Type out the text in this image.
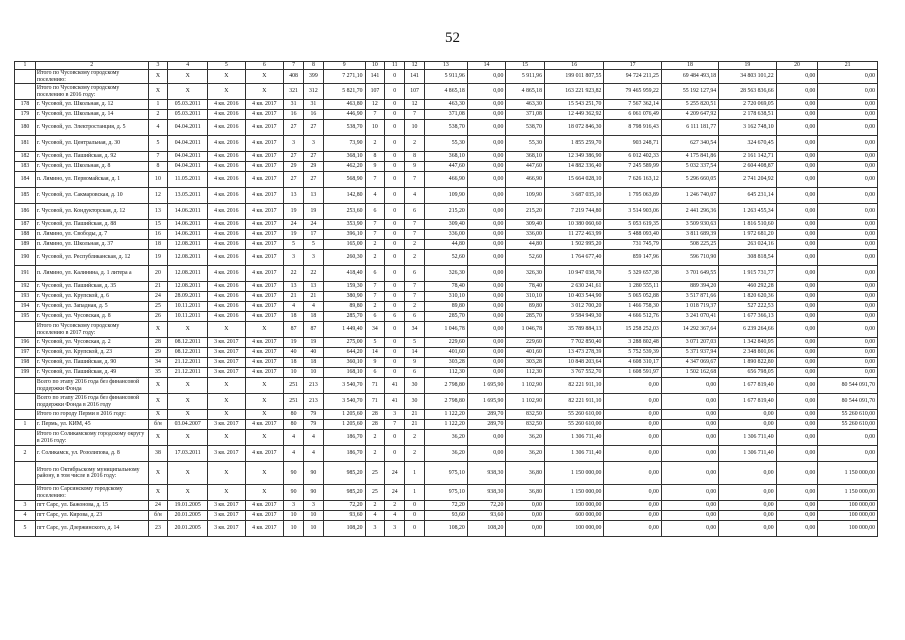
52
1	2	3	4	5	6	7	8	9	10	11	12	13	14	15	16	17	18	19	20	21
	Итого по Чусовскому городскому поселению:	X	X	X	X	408	399	7 271,10	141	0	141	5 911,96	0,00	5 911,96	199 011 807,55	94 724 211,25	69 484 493,18	34 803 101,22	0,00	0,00
	Итого по Чусовскому городскому поселению в 2016 году:	X	X	X	X	321	312	5 821,70	107	0	107	4 865,18	0,00	4 865,18	163 221 923,82	79 465 959,22	55 192 127,94	28 563 836,66	0,00	0,00
178	г. Чусовой, ул. Школьная, д. 12	1	05.03.2011	4 кв. 2016	4 кв. 2017	31	31	463,80	12	0	12	463,30	0,00	463,30	15 543 251,70	7 567 362,14	5 255 820,51	2 720 069,05	0,00	0,00
179	г. Чусовой, ул. Школьная, д. 14	2	05.03.2011	4 кв. 2016	4 кв. 2017	16	16	446,90	7	0	7	371,08	0,00	371,08	12 449 362,92	6 061 076,49	4 209 647,92	2 178 638,51	0,00	0,00
180	г. Чусовой, ул. Электростанция, д. 5	4	04.04.2011	4 кв. 2016	4 кв. 2017	27	27	538,70	10	0	10	538,70	0,00	538,70	18 072 846,30	8 798 916,43	6 111 181,77	3 162 748,10	0,00	0,00
181	г. Чусовой, ул. Центральная, д. 30	5	04.04.2011	4 кв. 2016	4 кв. 2017	3	3	73,90	2	0	2	55,30	0,00	55,30	1 855 259,70	903 248,71	627 340,54	324 670,45	0,00	0,00
182	г. Чусовой, ул. Пашийская, д. 92	7	04.04.2011	4 кв. 2016	4 кв. 2017	27	27	368,10	8	0	8	368,10	0,00	368,10	12 349 386,90	6 012 402,33	4 175 841,86	2 161 142,71	0,00	0,00
183	г. Чусовой, ул. Школьная, д. 8	8	04.04.2011	4 кв. 2016	4 кв. 2017	29	29	462,20	9	0	9	447,60	0,00	447,60	14 882 336,40	7 245 589,99	5 032 337,54	2 604 408,87	0,00	0,00
184	п. Лямино, ул. Первомайская, д. 1	10	11.05.2011	4 кв. 2016	4 кв. 2017	27	27	568,90	7	0	7	466,90	0,00	466,90	15 664 028,10	7 626 163,12	5 296 660,05	2 741 204,92	0,00	0,00
185	г. Чусовой, ул. Сакмаровская, д. 10	12	13.05.2011	4 кв. 2016	4 кв. 2017	13	13	142,80	4	0	4	109,90	0,00	109,90	3 687 035,10	1 795 063,89	1 246 740,07	645 231,14	0,00	0,00
186	г. Чусовой, ул. Кондукторская, д. 12	13	14.06.2011	4 кв. 2016	4 кв. 2017	19	19	253,60	6	0	6	215,20	0,00	215,20	7 219 744,80	3 514 903,06	2 441 296,36	1 263 455,34	0,00	0,00
187	г. Чусовой, ул. Пашийская, д. 88	15	14.06.2011	4 кв. 2016	4 кв. 2017	24	24	353,90	7	0	7	309,40	0,00	309,40	10 380 060,60	5 053 619,35	3 509 930,63	1 816 510,60	0,00	0,00
188	п. Лямино, ул. Свободы, д. 7	16	14.06.2011	4 кв. 2016	4 кв. 2017	19	17	396,10	7	0	7	336,00	0,00	336,00	11 272 463,99	5 488 093,40	3 811 689,39	1 972 681,20	0,00	0,00
189	п. Лямино, ул. Школьная, д. 37	18	12.08.2011	4 кв. 2016	4 кв. 2017	5	5	165,00	2	0	2	44,80	0,00	44,80	1 502 995,20	731 745,79	508 225,25	263 024,16	0,00	0,00
190	г. Чусовой, ул. Республиканская, д. 12	19	12.08.2011	4 кв. 2016	4 кв. 2017	3	3	260,30	2	0	2	52,60	0,00	52,60	1 764 677,40	859 147,96	596 710,90	308 818,54	0,00	0,00
191	п. Лямино, ул. Калинина, д. 1 литера а	20	12.08.2011	4 кв. 2016	4 кв. 2017	22	22	418,40	6	0	6	326,30	0,00	326,30	10 947 038,70	5 329 657,38	3 701 649,55	1 915 731,77	0,00	0,00
192	г. Чусовой, ул. Пашийская, д. 35	21	12.08.2011	4 кв. 2016	4 кв. 2017	13	13	159,30	7	0	7	78,40	0,00	78,40	2 630 241,61	1 280 555,11	889 394,20	460 292,28	0,00	0,00
193	г. Чусовой, ул. Крупской, д. 6	24	28.09.2011	4 кв. 2016	4 кв. 2017	21	21	380,90	7	0	7	310,10	0,00	310,10	10 403 544,90	5 065 052,88	3 517 871,66	1 820 620,36	0,00	0,00
194	г. Чусовой, ул. Западная, д. 5	25	10.11.2011	4 кв. 2016	4 кв. 2017	4	4	89,80	2	0	2	89,80	0,00	89,80	3 012 700,20	1 466 758,30	1 018 719,37	527 222,53	0,00	0,00
195	г. Чусовой, ул. Чусовская, д. 8	26	10.11.2011	4 кв. 2016	4 кв. 2017	18	18	285,70	6	6	6	285,70	0,00	285,70	9 584 949,30	4 666 512,76	3 241 070,41	1 677 366,13	0,00	0,00
	Итого по Чусовскому городскому поселению в 2017 году:	X	X	X	X	87	87	1 449,40	34	0	34	1 046,78	0,00	1 046,78	35 789 884,13	15 258 252,03	14 292 367,64	6 239 264,66	0,00	0,00
196	г. Чусовой, ул. Чусовская, д. 2	28	08.12.2011	3 кв. 2017	4 кв. 2017	19	19	275,00	5	0	5	229,60	0,00	229,60	7 702 850,40	3 288 802,48	3 071 207,03	1 342 840,95	0,00	0,00
197	г. Чусовой, ул. Крупской, д. 23	29	08.12.2011	3 кв. 2017	4 кв. 2017	40	40	644,20	14	0	14	401,60	0,00	401,60	13 473 278,39	5 752 539,39	5 371 937,94	2 348 801,06	0,00	0,00
198	г. Чусовой, ул. Пашийская, д. 90	34	21.12.2011	3 кв. 2017	4 кв. 2017	18	18	360,10	9	0	9	303,28	0,00	303,28	10 848 203,64	4 608 310,17	4 347 069,67	1 890 822,80	0,00	0,00
199	г. Чусовой, ул. Пашийская, д. 49	35	21.12.2011	3 кв. 2017	4 кв. 2017	10	10	168,10	6	0	6	112,30	0,00	112,30	3 767 552,70	1 608 591,97	1 502 162,68	656 798,05	0,00	0,00
	Всего по этапу 2016 года без финансовой поддержки Фонда	X	X	X	X	251	213	3 540,70	71	41	30	2 798,80	1 695,90	1 102,90	82 221 911,10	0,00	0,00	1 677 819,40	0,00	80 544 091,70
	Всего по этапу 2016 года без финансовой поддержки Фонда в 2016 году	X	X	X	X	251	213	3 540,70	71	41	30	2 798,80	1 695,90	1 102,90	82 221 911,10	0,00	0,00	1 677 819,40	0,00	80 544 091,70
	Итого по городу Перми в 2016 году:	X	X	X	X	80	79	1 205,60	28	3	21	1 122,20	289,70	832,50	55 260 610,00	0,00	0,00	0,00	0,00	55 260 610,00
1	г. Пермь, ул. КИМ, 45	б/н	03.04.2007	3 кв. 2017	4 кв. 2017	80	79	1 205,60	28	7	21	1 122,20	289,70	832,50	55 260 610,00	0,00	0,00	0,00	0,00	55 260 610,00
	Итого по Соликамскому городскому округу в 2016 году:	X	X	X	X	4	4	186,70	2	0	2	36,20	0,00	36,20	1 306 711,40	0,00	0,00	1 306 711,40	0,00	0,00
2	г. Соликамск, ул. Розолипова, д. 8	38	17.03.2011	3 кв. 2017	4 кв. 2017	4	4	186,70	2	0	2	36,20	0,00	36,20	1 306 711,40	0,00	0,00	1 306 711,40	0,00	0,00
	Итого по Октябрьскому муниципальному району, в том числе в 2016 году:	X	X	X	X	90	90	985,20	25	24	1	975,10	938,30	36,80	1 150 000,00	0,00	0,00	0,00	0,00	1 150 000,00
	Итого по Сарсинскому городскому поселению:	X	X	X	X	90	90	985,20	25	24	1	975,10	938,30	36,80	1 150 000,00	0,00	0,00	0,00	0,00	1 150 000,00
3	пгт Сарс, ул. Бажонова, д. 15	24	19.01.2005	3 кв. 2017	4 кв. 2017	3	3	72,20	2	2	0	72,20	72,20	0,00	100 000,00	0,00	0,00	0,00	0,00	100 000,00
4	пгт Сарс, ул. Кирова, д. 23	б/н	20.01.2005	3 кв. 2017	4 кв. 2017	10	10	93,60	4	4	0	93,60	93,60	0,00	600 000,00	0,00	0,00	0,00	0,00	100 000,00
5	пгт Сарс, ул. Дзержинского, д. 14	23	20.01.2005	3 кв. 2017	4 кв. 2017	10	10	108,20	3	3	0	108,20	108,20	0,00	100 000,00	0,00	0,00	0,00	0,00	100 000,00
